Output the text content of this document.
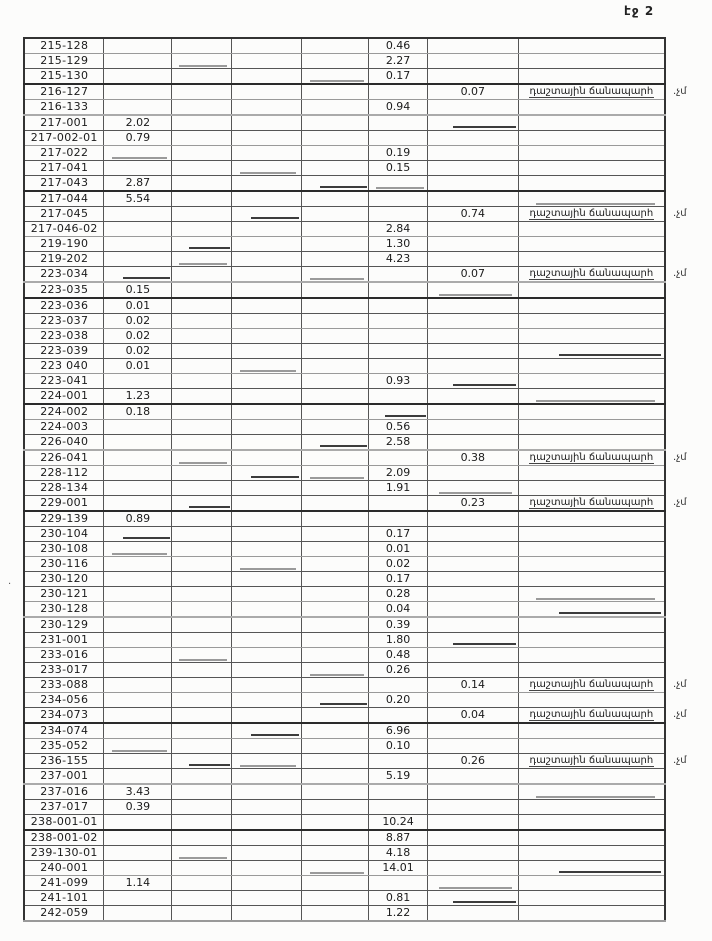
էջ 2
.
215-128					0.46			
215-129					2.27			
215-130					0.17			
216-127						0.07	դաշտային ճանապարհ	.չմ
216-133					0.94			
217-001	2.02							
217-002-01	0.79							
217-022					0.19			
217-041					0.15			
217-043	2.87							
217-044	5.54							
217-045						0.74	դաշտային ճանապարհ	.չմ
217-046-02					2.84			
219-190					1.30			
219-202					4.23			
223-034						0.07	դաշտային ճանապարհ	.չմ
223-035	0.15							
223-036	0.01							
223-037	0.02							
223-038	0.02							
223-039	0.02							
223 040	0.01							
223-041					0.93			
224-001	1.23							
224-002	0.18							
224-003					0.56			
226-040					2.58			
226-041						0.38	դաշտային ճանապարհ	.չմ
228-112					2.09			
228-134					1.91			
229-001						0.23	դաշտային ճանապարհ	.չմ
229-139	0.89							
230-104					0.17			
230-108					0.01			
230-116					0.02			
230-120					0.17			
230-121					0.28			
230-128					0.04			
230-129					0.39			
231-001					1.80			
233-016					0.48			
233-017					0.26			
233-088						0.14	դաշտային ճանապարհ	.չմ
234-056					0.20			
234-073						0.04	դաշտային ճանապարհ	.չմ
234-074					6.96			
235-052					0.10			
236-155						0.26	դաշտային ճանապարհ	.չմ
237-001					5.19			
237-016	3.43							
237-017	0.39							
238-001-01					10.24			
238-001-02					8.87			
239-130-01					4.18			
240-001					14.01			
241-099	1.14							
241-101					0.81			
242-059					1.22			
